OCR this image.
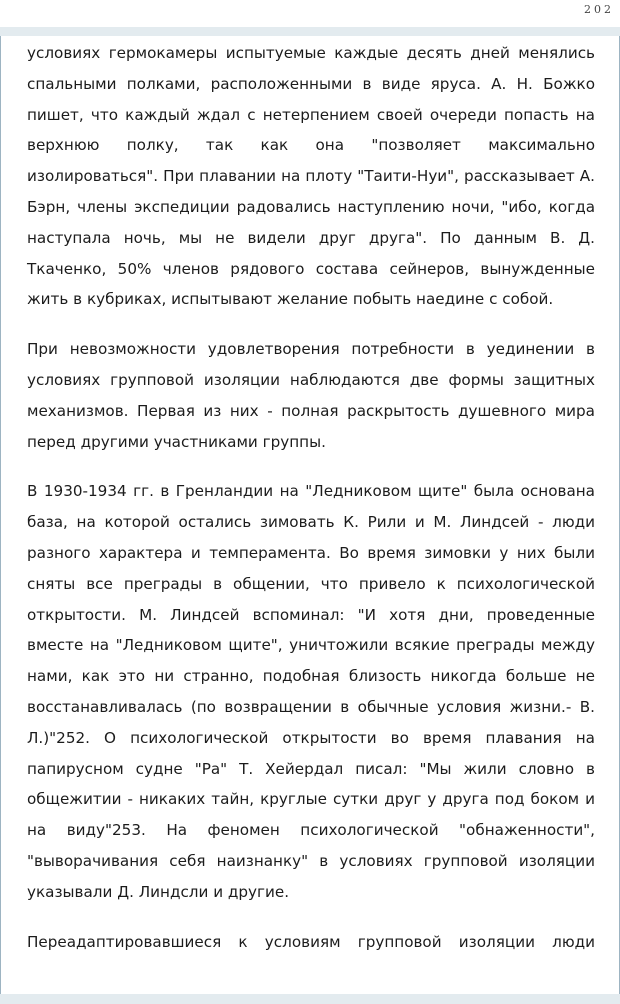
202

условиях гермокамеры испытуемые каждые десять дней менялись спальными полками, расположенными в виде яруса. А. Н. Божко пишет, что каждый ждал с нетерпением своей очереди попасть на верхнюю полку, так как она "позволяет максимально изолироваться". При плавании на плоту "Таити-Нуи", рассказывает А. Бэрн, члены экспедиции радовались наступлению ночи, "ибо, когда наступала ночь, мы не видели друг друга". По данным В. Д. Ткаченко, 50% членов рядового состава сейнеров, вынужденные жить в кубриках, испытывают желание побыть наедине с собой.

При невозможности удовлетворения потребности в уединении в условиях групповой изоляции наблюдаются две формы защитных механизмов. Первая из них - полная раскрытость душевного мира перед другими участниками группы.

В 1930-1934 гг. в Гренландии на "Ледниковом щите" была основана база, на которой остались зимовать К. Рили и М. Линдсей - люди разного характера и темперамента. Во время зимовки у них были сняты все преграды в общении, что привело к психологической открытости. М. Линдсей вспоминал: "И хотя дни, проведенные вместе на "Ледниковом щите", уничтожили всякие преграды между нами, как это ни странно, подобная близость никогда больше не восстанавливалась (по возвращении в обычные условия жизни.- В. Л.)"252. О психологической открытости во время плавания на папирусном судне "Ра" Т. Хейердал писал: "Мы жили словно в общежитии - никаких тайн, круглые сутки друг у друга под боком и на виду"253. На феномен психологической "обнаженности", "выворачивания себя наизнанку" в условиях групповой изоляции указывали Д. Линдсли и другие.

Переадаптировавшиеся к условиям групповой изоляции люди
